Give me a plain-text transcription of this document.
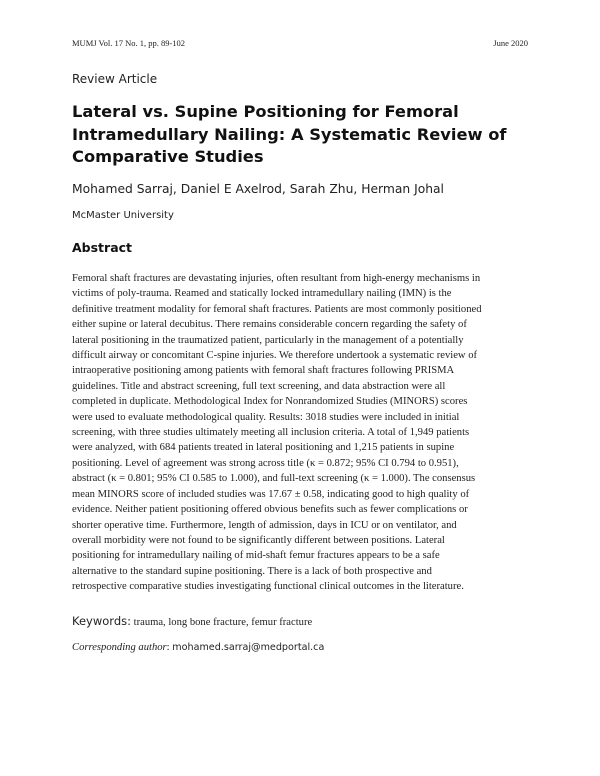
MUMJ Vol. 17 No. 1, pp. 89-102	June 2020
Review Article
Lateral vs. Supine Positioning for Femoral Intramedullary Nailing: A Systematic Review of Comparative Studies
Mohamed Sarraj, Daniel E Axelrod, Sarah Zhu, Herman Johal
McMaster University
Abstract

Femoral shaft fractures are devastating injuries, often resultant from high-energy mechanisms in
victims of poly-trauma. Reamed and statically locked intramedullary nailing (IMN) is the
definitive treatment modality for femoral shaft fractures. Patients are most commonly positioned
either supine or lateral decubitus. There remains considerable concern regarding the safety of
lateral positioning in the traumatized patient, particularly in the management of a potentially
difficult airway or concomitant C-spine injuries. We therefore undertook a systematic review of
intraoperative positioning among patients with femoral shaft fractures following PRISMA
guidelines. Title and abstract screening, full text screening, and data abstraction were all
completed in duplicate. Methodological Index for Nonrandomized Studies (MINORS) scores
were used to evaluate methodological quality. Results: 3018 studies were included in initial
screening, with three studies ultimately meeting all inclusion criteria. A total of 1,949 patients
were analyzed, with 684 patients treated in lateral positioning and 1,215 patients in supine
positioning. Level of agreement was strong across title (κ = 0.872; 95% CI 0.794 to 0.951),
abstract (κ = 0.801; 95% CI 0.585 to 1.000), and full-text screening (κ = 1.000). The consensus
mean MINORS score of included studies was 17.67 ± 0.58, indicating good to high quality of
evidence. Neither patient positioning offered obvious benefits such as fewer complications or
shorter operative time. Furthermore, length of admission, days in ICU or on ventilator, and
overall morbidity were not found to be significantly different between positions. Lateral
positioning for intramedullary nailing of mid-shaft femur fractures appears to be a safe
alternative to the standard supine positioning. There is a lack of both prospective and
retrospective comparative studies investigating functional clinical outcomes in the literature.

Keywords: trauma, long bone fracture, femur fracture
Corresponding author: mohamed.sarraj@medportal.ca
